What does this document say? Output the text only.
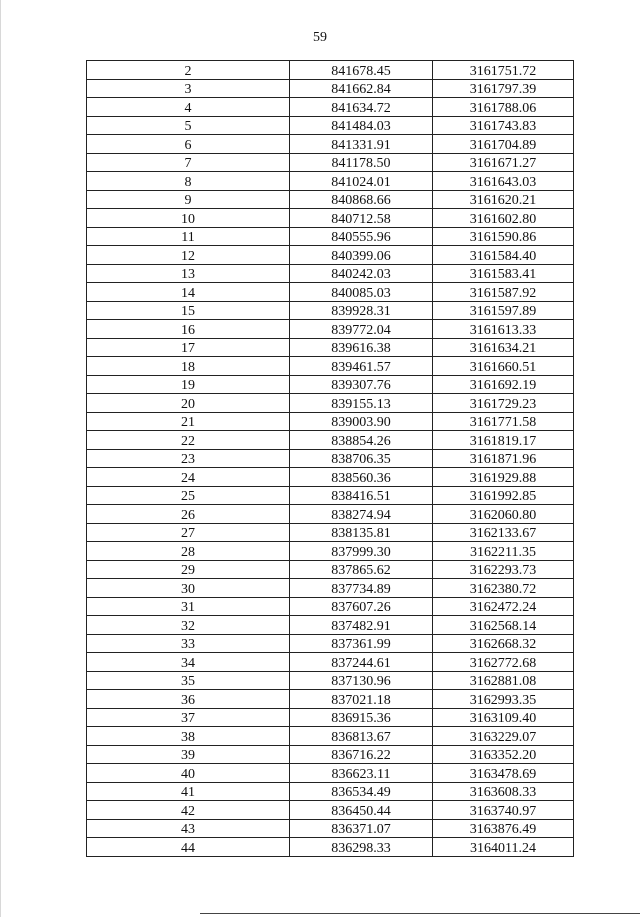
59
2	841678.45	3161751.72
3	841662.84	3161797.39
4	841634.72	3161788.06
5	841484.03	3161743.83
6	841331.91	3161704.89
7	841178.50	3161671.27
8	841024.01	3161643.03
9	840868.66	3161620.21
10	840712.58	3161602.80
11	840555.96	3161590.86
12	840399.06	3161584.40
13	840242.03	3161583.41
14	840085.03	3161587.92
15	839928.31	3161597.89
16	839772.04	3161613.33
17	839616.38	3161634.21
18	839461.57	3161660.51
19	839307.76	3161692.19
20	839155.13	3161729.23
21	839003.90	3161771.58
22	838854.26	3161819.17
23	838706.35	3161871.96
24	838560.36	3161929.88
25	838416.51	3161992.85
26	838274.94	3162060.80
27	838135.81	3162133.67
28	837999.30	3162211.35
29	837865.62	3162293.73
30	837734.89	3162380.72
31	837607.26	3162472.24
32	837482.91	3162568.14
33	837361.99	3162668.32
34	837244.61	3162772.68
35	837130.96	3162881.08
36	837021.18	3162993.35
37	836915.36	3163109.40
38	836813.67	3163229.07
39	836716.22	3163352.20
40	836623.11	3163478.69
41	836534.49	3163608.33
42	836450.44	3163740.97
43	836371.07	3163876.49
44	836298.33	3164011.24
